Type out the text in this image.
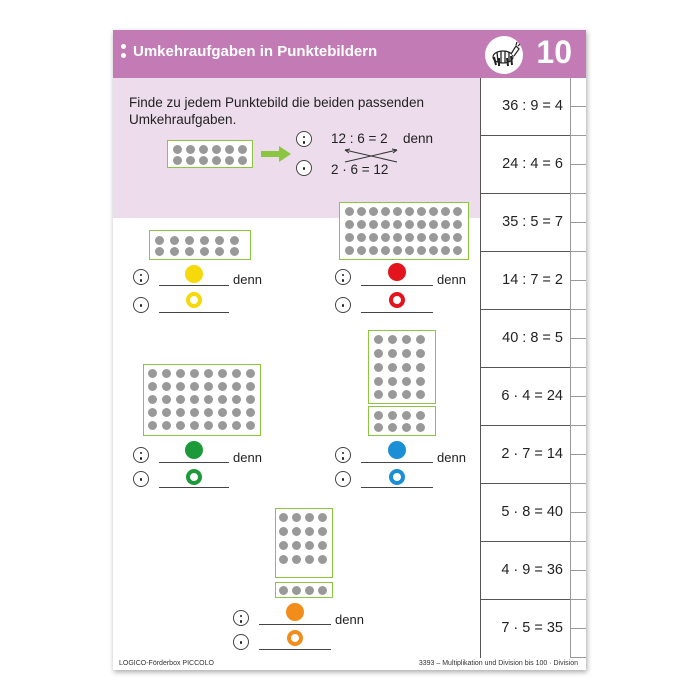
Umkehraufgaben in Punktebildern	10
Finde zu jedem Punktebild die beiden passenden Umkehraufgaben.
12 : 6 = 2 denn
2 · 6 = 12
denn	denn
denn	denn
denn
36 : 9 = 4
24 : 4 = 6
35 : 5 = 7
14 : 7 = 2
40 : 8 = 5
6 · 4 = 24
2 · 7 = 14
5 · 8 = 40
4 · 9 = 36
7 · 5 = 35
LOGICO-Förderbox PICCOLO	3393 – Multiplikation und Division bis 100 · Division
